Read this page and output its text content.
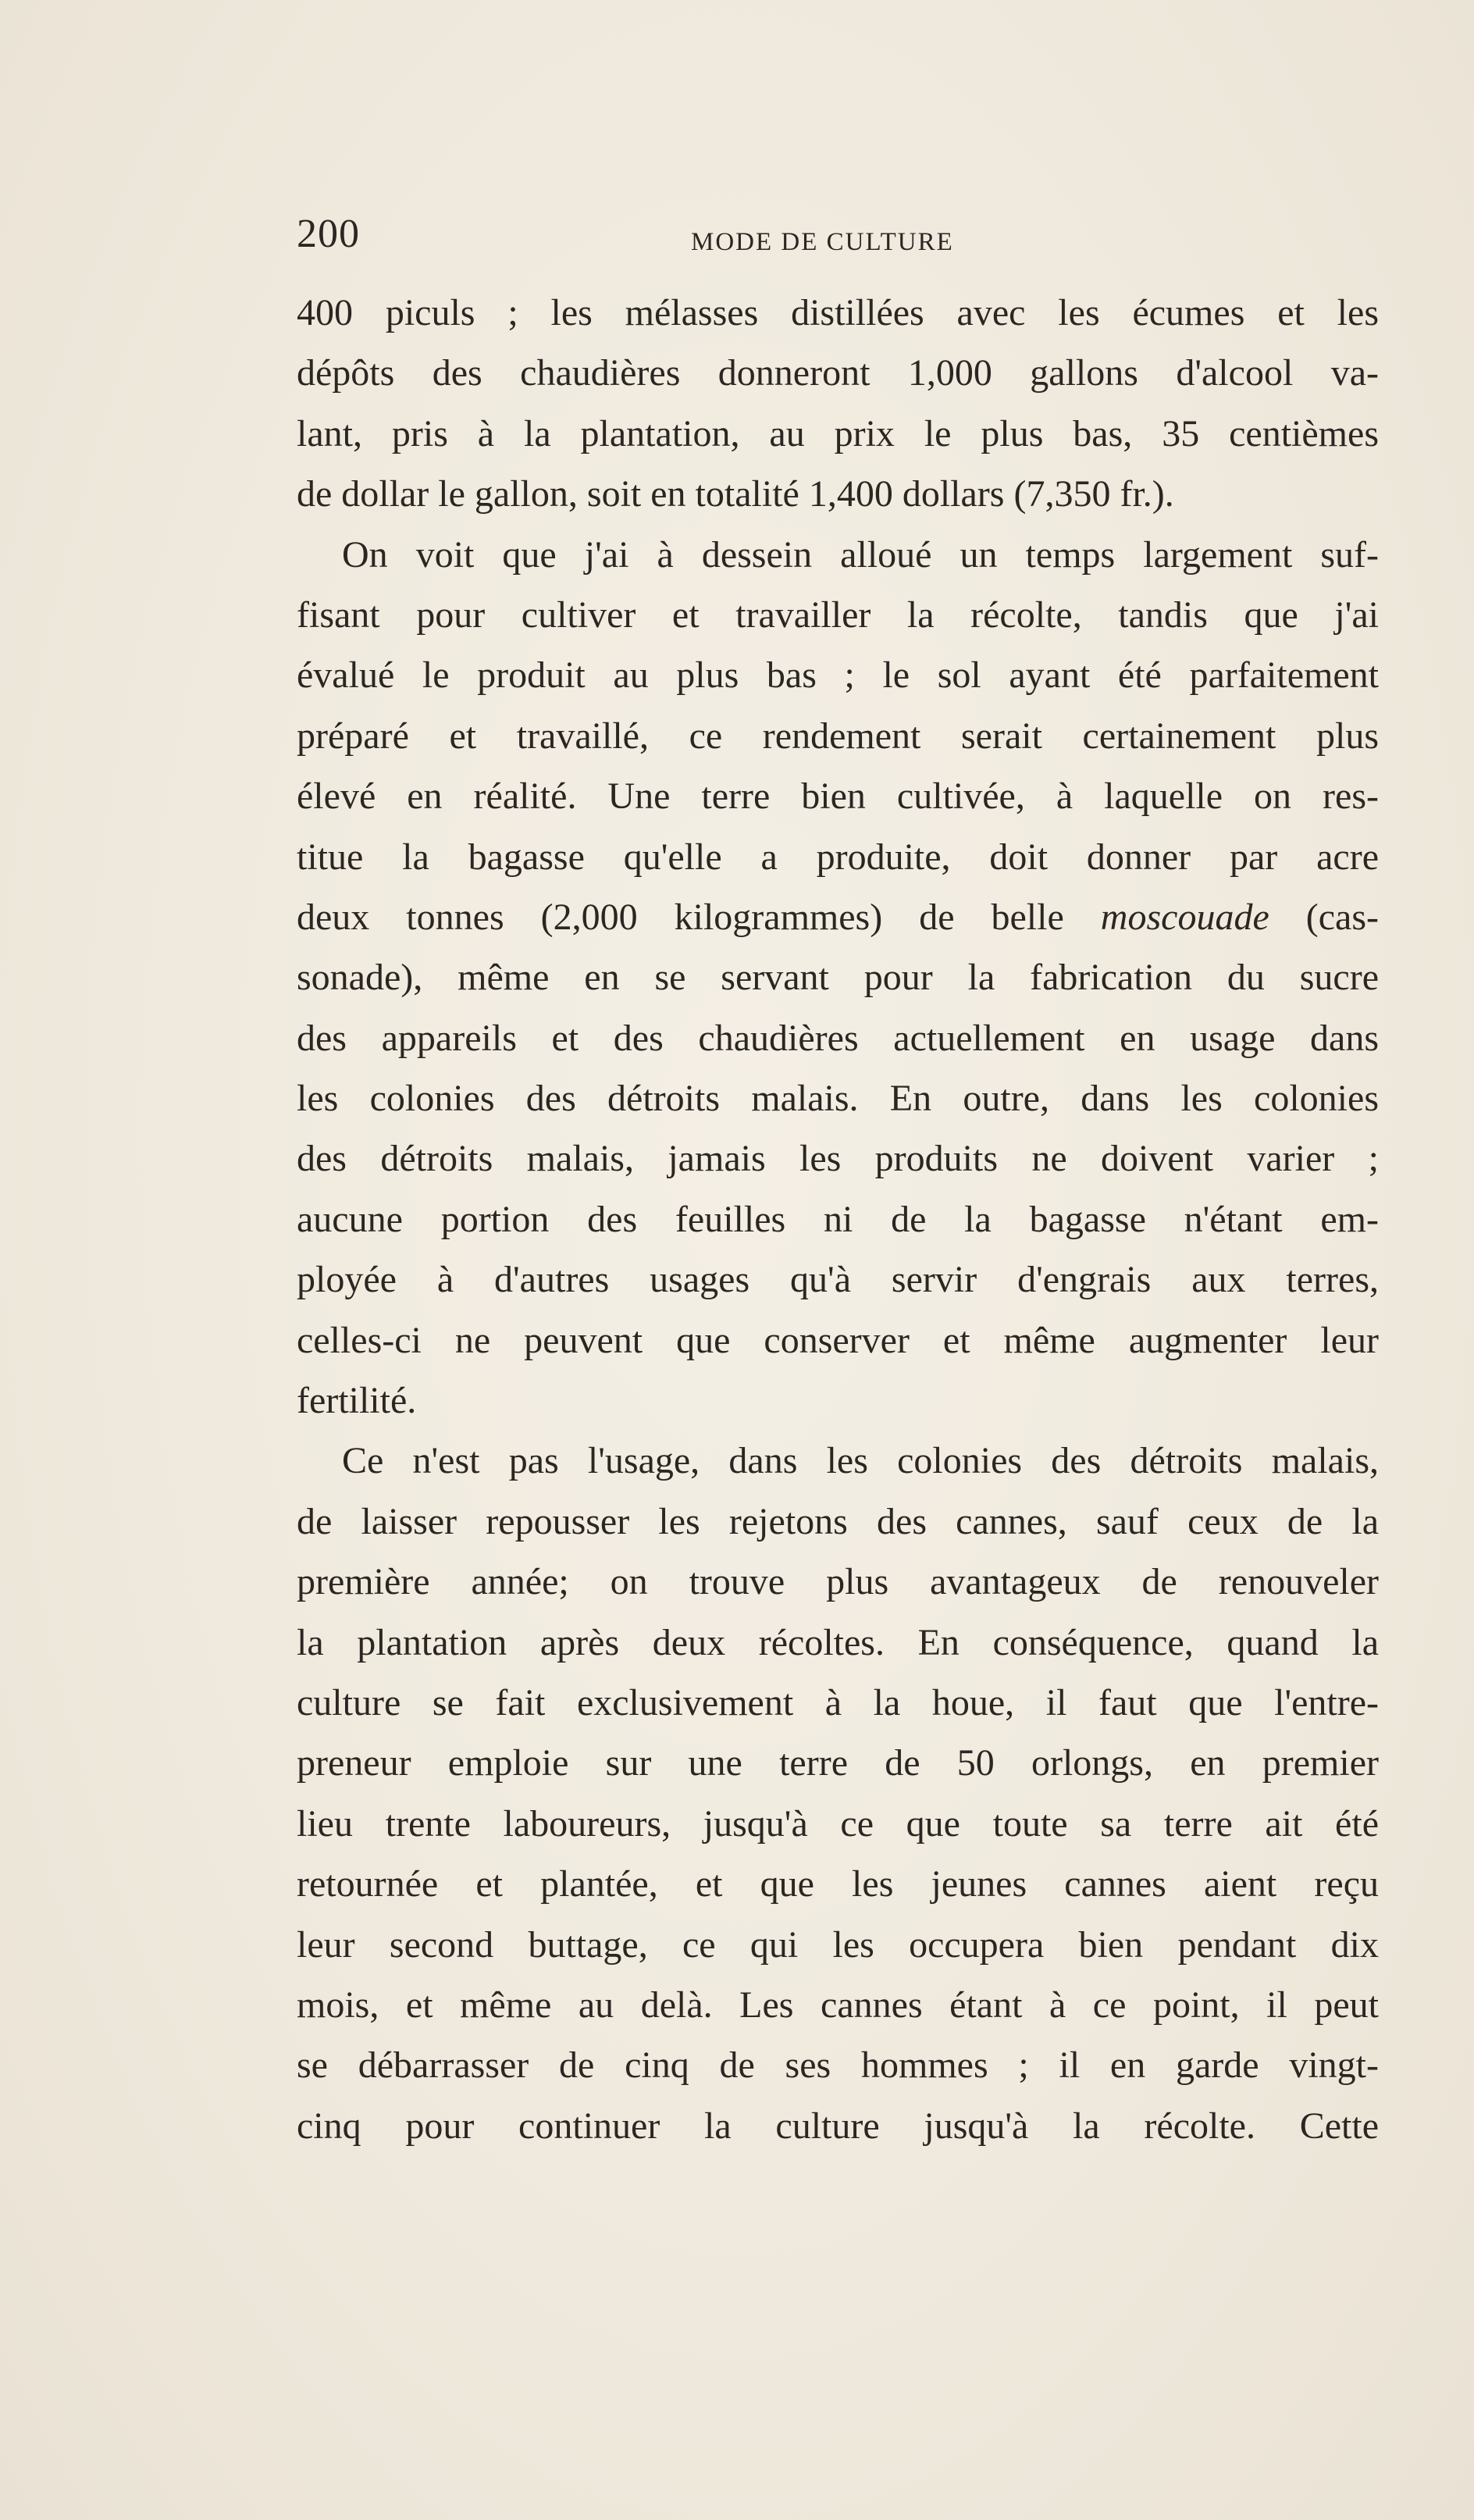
200	MODE DE CULTURE
400 piculs ; les mélasses distillées avec les écumes et les
dépôts des chaudières donneront 1,000 gallons d'alcool va-
lant, pris à la plantation, au prix le plus bas, 35 centièmes
de dollar le gallon, soit en totalité 1,400 dollars (7,350 fr.).
On voit que j'ai à dessein alloué un temps largement suf-
fisant pour cultiver et travailler la récolte, tandis que j'ai
évalué le produit au plus bas ; le sol ayant été parfaitement
préparé et travaillé, ce rendement serait certainement plus
élevé en réalité. Une terre bien cultivée, à laquelle on res-
titue la bagasse qu'elle a produite, doit donner par acre
deux tonnes (2,000 kilogrammes) de belle moscouade (cas-
sonade), même en se servant pour la fabrication du sucre
des appareils et des chaudières actuellement en usage dans
les colonies des détroits malais. En outre, dans les colonies
des détroits malais, jamais les produits ne doivent varier ;
aucune portion des feuilles ni de la bagasse n'étant em-
ployée à d'autres usages qu'à servir d'engrais aux terres,
celles-ci ne peuvent que conserver et même augmenter leur
fertilité.
Ce n'est pas l'usage, dans les colonies des détroits malais,
de laisser repousser les rejetons des cannes, sauf ceux de la
première année; on trouve plus avantageux de renouveler
la plantation après deux récoltes. En conséquence, quand la
culture se fait exclusivement à la houe, il faut que l'entre-
preneur emploie sur une terre de 50 orlongs, en premier
lieu trente laboureurs, jusqu'à ce que toute sa terre ait été
retournée et plantée, et que les jeunes cannes aient reçu
leur second buttage, ce qui les occupera bien pendant dix
mois, et même au delà. Les cannes étant à ce point, il peut
se débarrasser de cinq de ses hommes ; il en garde vingt-
cinq pour continuer la culture jusqu'à la récolte. Cette
